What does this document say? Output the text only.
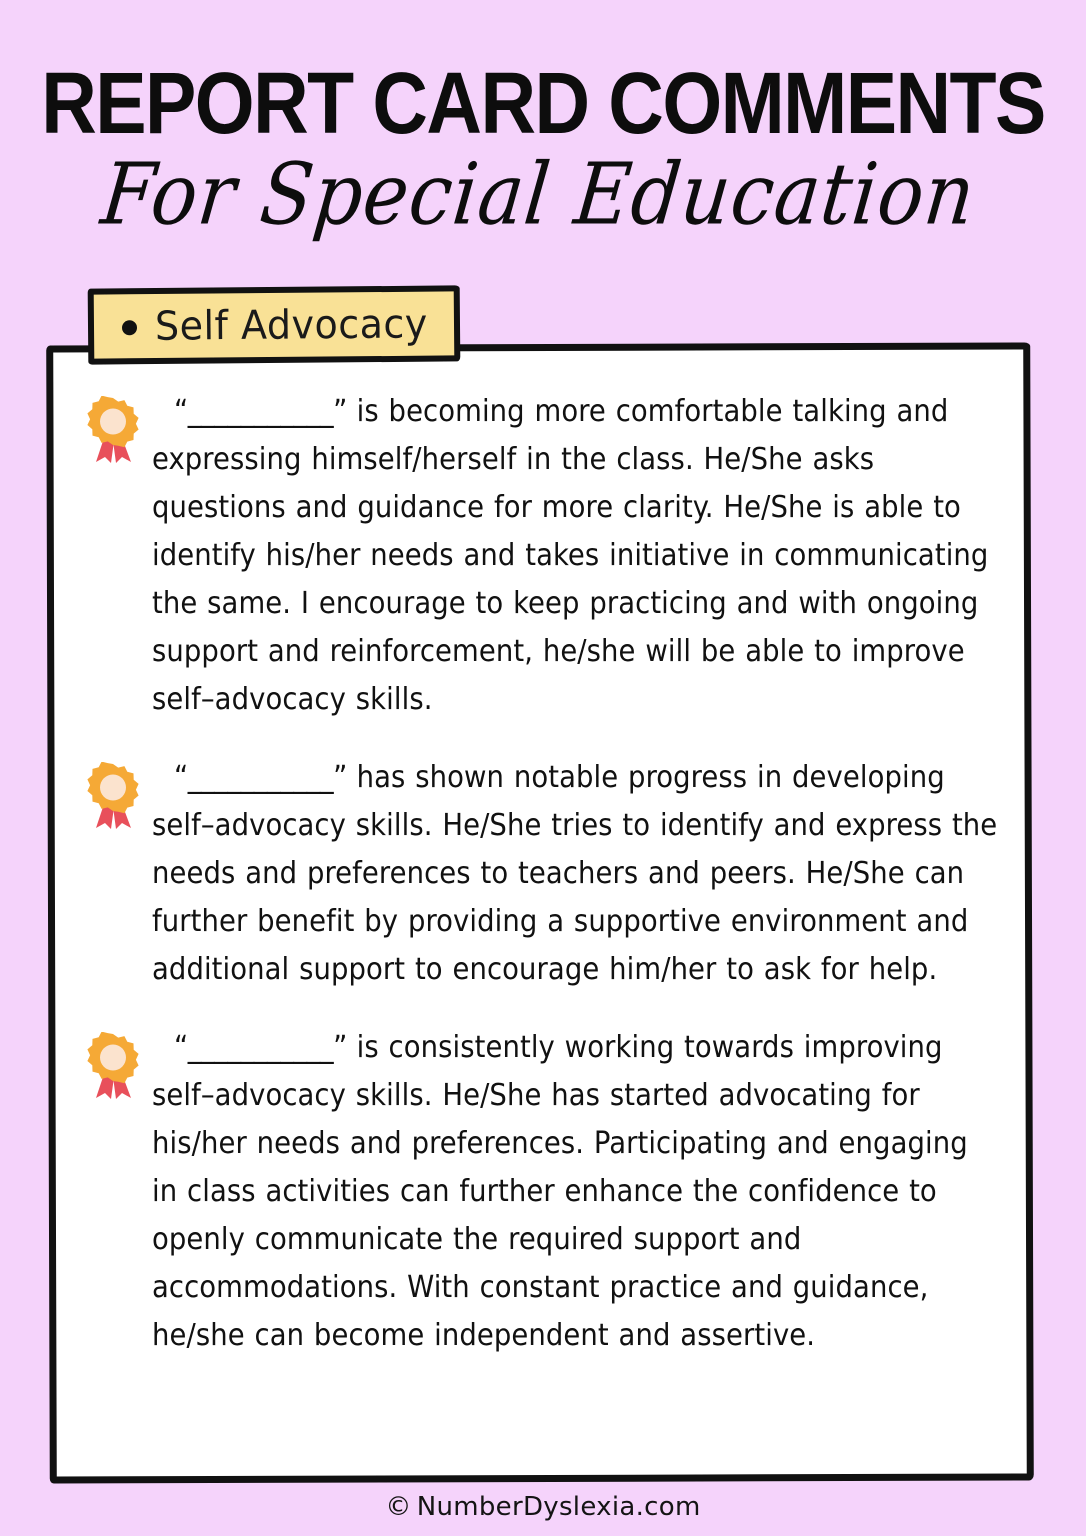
REPORT CARD COMMENTS
For Special Education
Self Advocacy
“___________” is becoming more comfortable talking and expressing himself/herself in the class. He/She asks questions and guidance for more clarity. He/She is able to identify his/her needs and takes initiative in communicating the same. I encourage to keep practicing and with ongoing support and reinforcement, he/she will be able to improve self–advocacy skills.
“___________” has shown notable progress in developing self–advocacy skills. He/She tries to identify and express the needs and preferences to teachers and peers. He/She can further benefit by providing a supportive environment and additional support to encourage him/her to ask for help.
“___________” is consistently working towards improving self–advocacy skills. He/She has started advocating for his/her needs and preferences. Participating and engaging in class activities can further enhance the confidence to openly communicate the required support and accommodations. With constant practice and guidance, he/she can become independent and assertive.
© NumberDyslexia.com
